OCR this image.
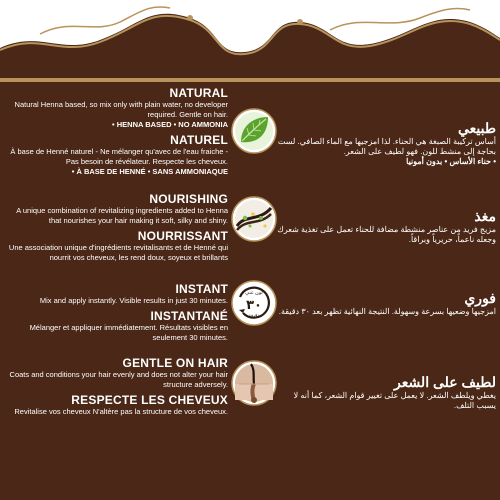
NATURAL
Natural Henna based, so mix only with plain water, no developer required. Gentle on hair.
• HENNA BASED • NO AMMONIA
NATUREL
À base de Henné naturel - Ne mélanger qu'avec de l'eau fraiche - Pas besoin de révélateur. Respecte les cheveux.
• À BASE DE HENNÉ • SANS AMMONIAQUE
طبيعي
أساس تركيبة الصبغة هي الحناء. لذا امزجيها مع الماء الصافي. لست بحاجة إلى منشط للون. فهو لطيف على الشعر.
• حناء الأساس • بدون أمونيا
NOURISHING
A unique combination of revitalizing ingredients added to Henna that nourishes your hair making it soft, silky and shiny.
NOURRISSANT
Une association unique d'ingrédients revitalisants et de Henné qui nourrit vos cheveux, les rend doux, soyeux et brillants
مغذ
مزيج فريد من عناصر منشطة مضافة للحناء تعمل على تغذية شعرك وجعله ناعماً، حريرياً وبراقاً.
INSTANT
Mix and apply instantly. Visible results in just 30 minutes.
INSTANTANÉ
Mélanger et appliquer immédiatement. Résultats visibles en seulement 30 minutes.
لون غني
٣٠
دقيقة
فوري
امزجيها وضعيها بسرعة وسهولة. النتيجة النهائية تظهر بعد ٣٠ دقيقة.
GENTLE ON HAIR
Coats and conditions your hair evenly and does not alter your hair structure adversely.
RESPECTE LES CHEVEUX
Revitalise vos cheveux N'altère pas la structure de vos cheveux.
لطيف على الشعر
يغطي ويلطف الشعر. لا يعمل على تغيير قوام الشعر، كما أنه لا يسبب التلف.
